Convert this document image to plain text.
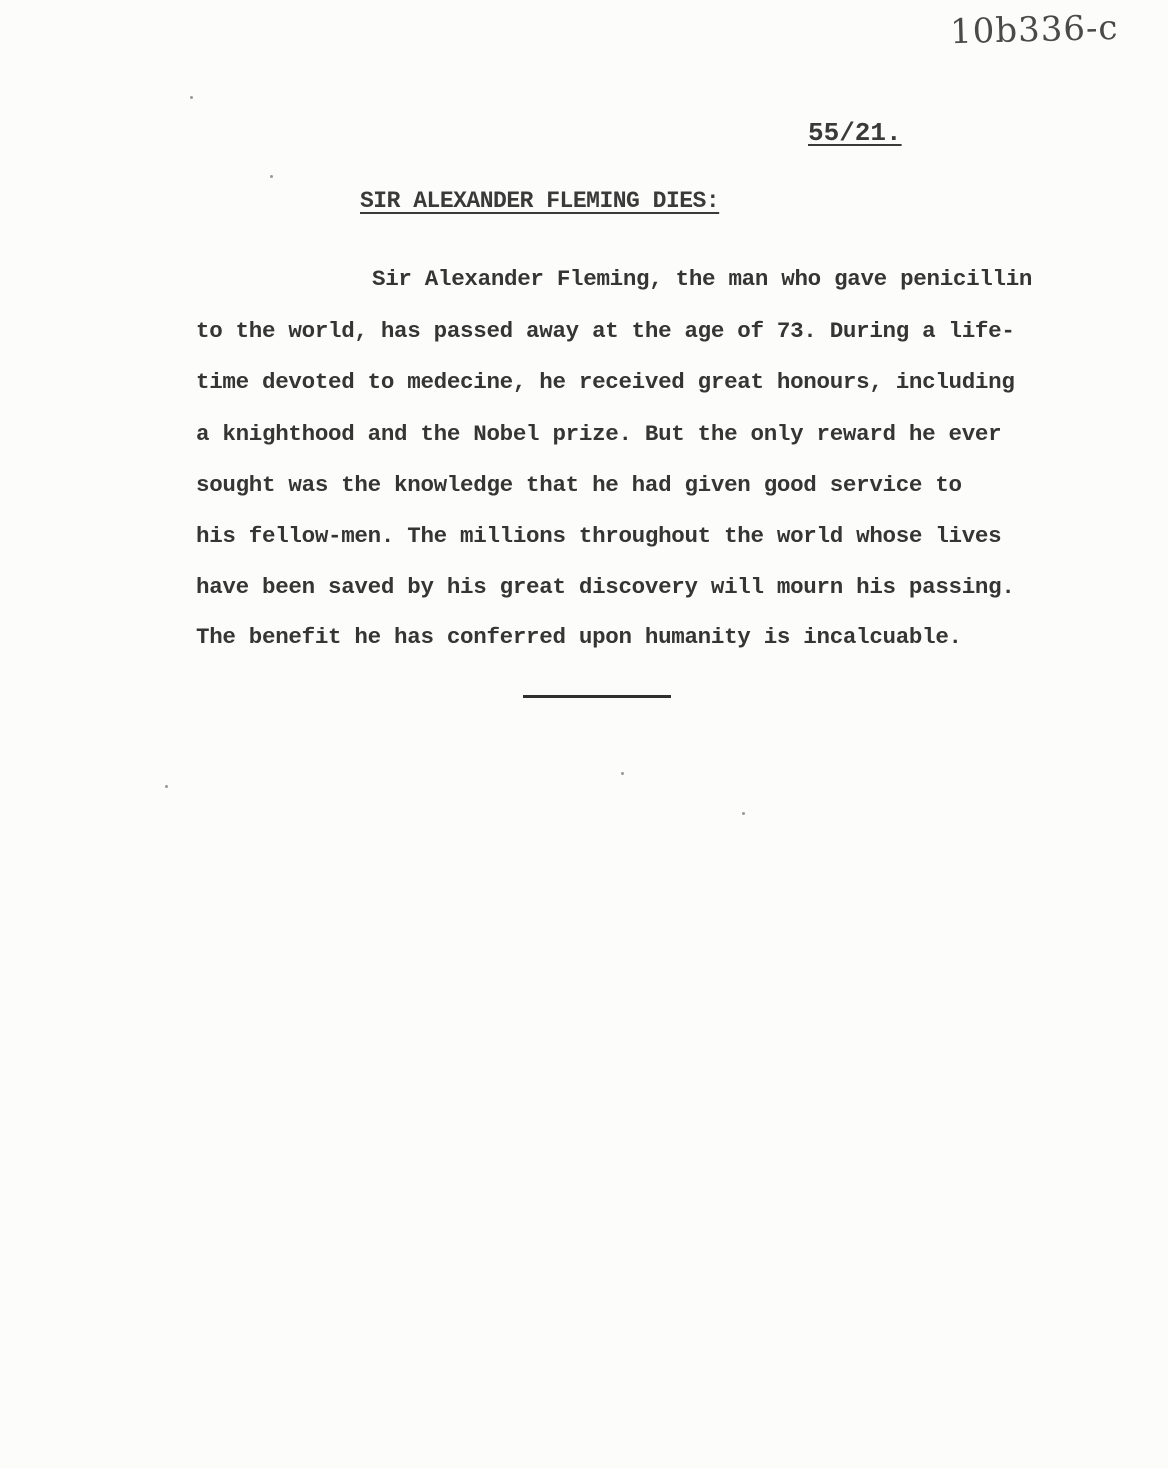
10b336-c
55/21.
SIR ALEXANDER FLEMING DIES:
Sir Alexander Fleming, the man who gave penicillin
to the world, has passed away at the age of 73. During a life-
time devoted to medecine, he received great honours, including
a knighthood and the Nobel prize. But the only reward he ever
sought was the knowledge that he had given good service to
his fellow-men. The millions throughout the world whose lives
have been saved by his great discovery will mourn his passing.
The benefit he has conferred upon humanity is incalcuable.
